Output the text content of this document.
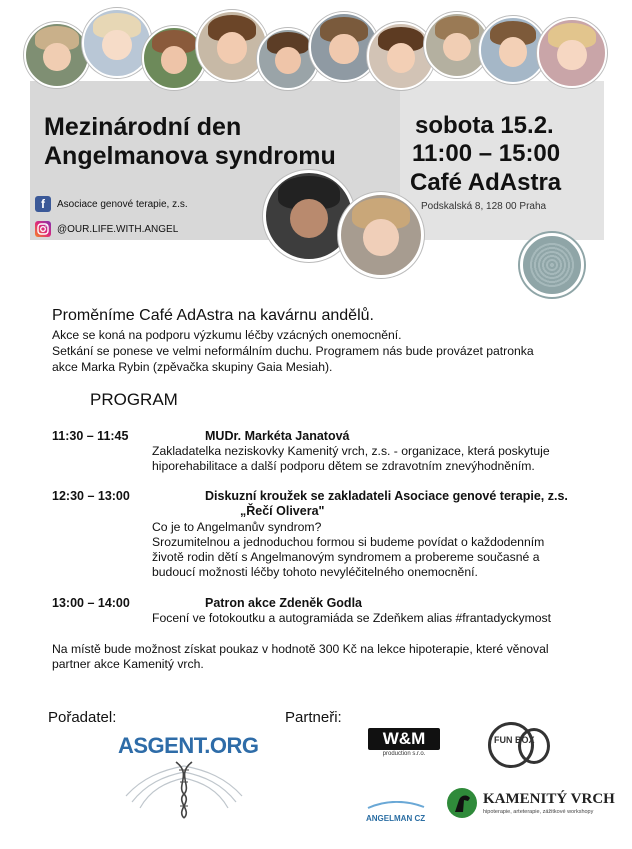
Mezinárodní den
Angelmanova syndromu
sobota 15.2.
11:00 – 15:00
Café AdAstra
Podskalská 8, 128 00 Praha
f	Asociace genové terapie, z.s.
@OUR.LIFE.WITH.ANGEL
Proměníme Café AdAstra na kavárnu andělů.
Akce se koná na podporu výzkumu léčby vzácných onemocnění.
Setkání se ponese ve velmi neformálním duchu. Programem nás bude provázet patronka
akce Marka Rybin (zpěvačka skupiny Gaia Mesiah).
PROGRAM
11:30 – 11:45	MUDr. Markéta Janatová
Zakladatelka neziskovky Kamenitý vrch, z.s. - organizace, která poskytuje
hiporehabilitace a další podporu dětem se zdravotním znevýhodněním.
12:30 – 13:00	Diskuzní kroužek se zakladateli Asociace genové terapie, z.s.
„Řečí Olivera"
Co je to Angelmanův syndrom?
Srozumitelnou a jednoduchou formou si budeme povídat o každodenním
životě rodin dětí s Angelmanovým syndromem a probereme současné a
budoucí možnosti léčby tohoto nevyléčitelného onemocnění.
13:00 – 14:00	Patron akce Zdeněk Godla
Focení ve fotokoutku a autogramiáda se Zdeňkem alias #frantadyckymost
Na místě bude možnost získat poukaz v hodnotě 300 Kč na lekce hipoterapie, které věnoval
partner akce Kamenitý vrch.
Pořadatel:	Partneři:
ASGENT.ORG	W&M
production s.r.o.
FUN BOX
ANGELMAN CZ
KAMENITÝ VRCH
hipoterapie, arteterapie, zážitkové workshopy
